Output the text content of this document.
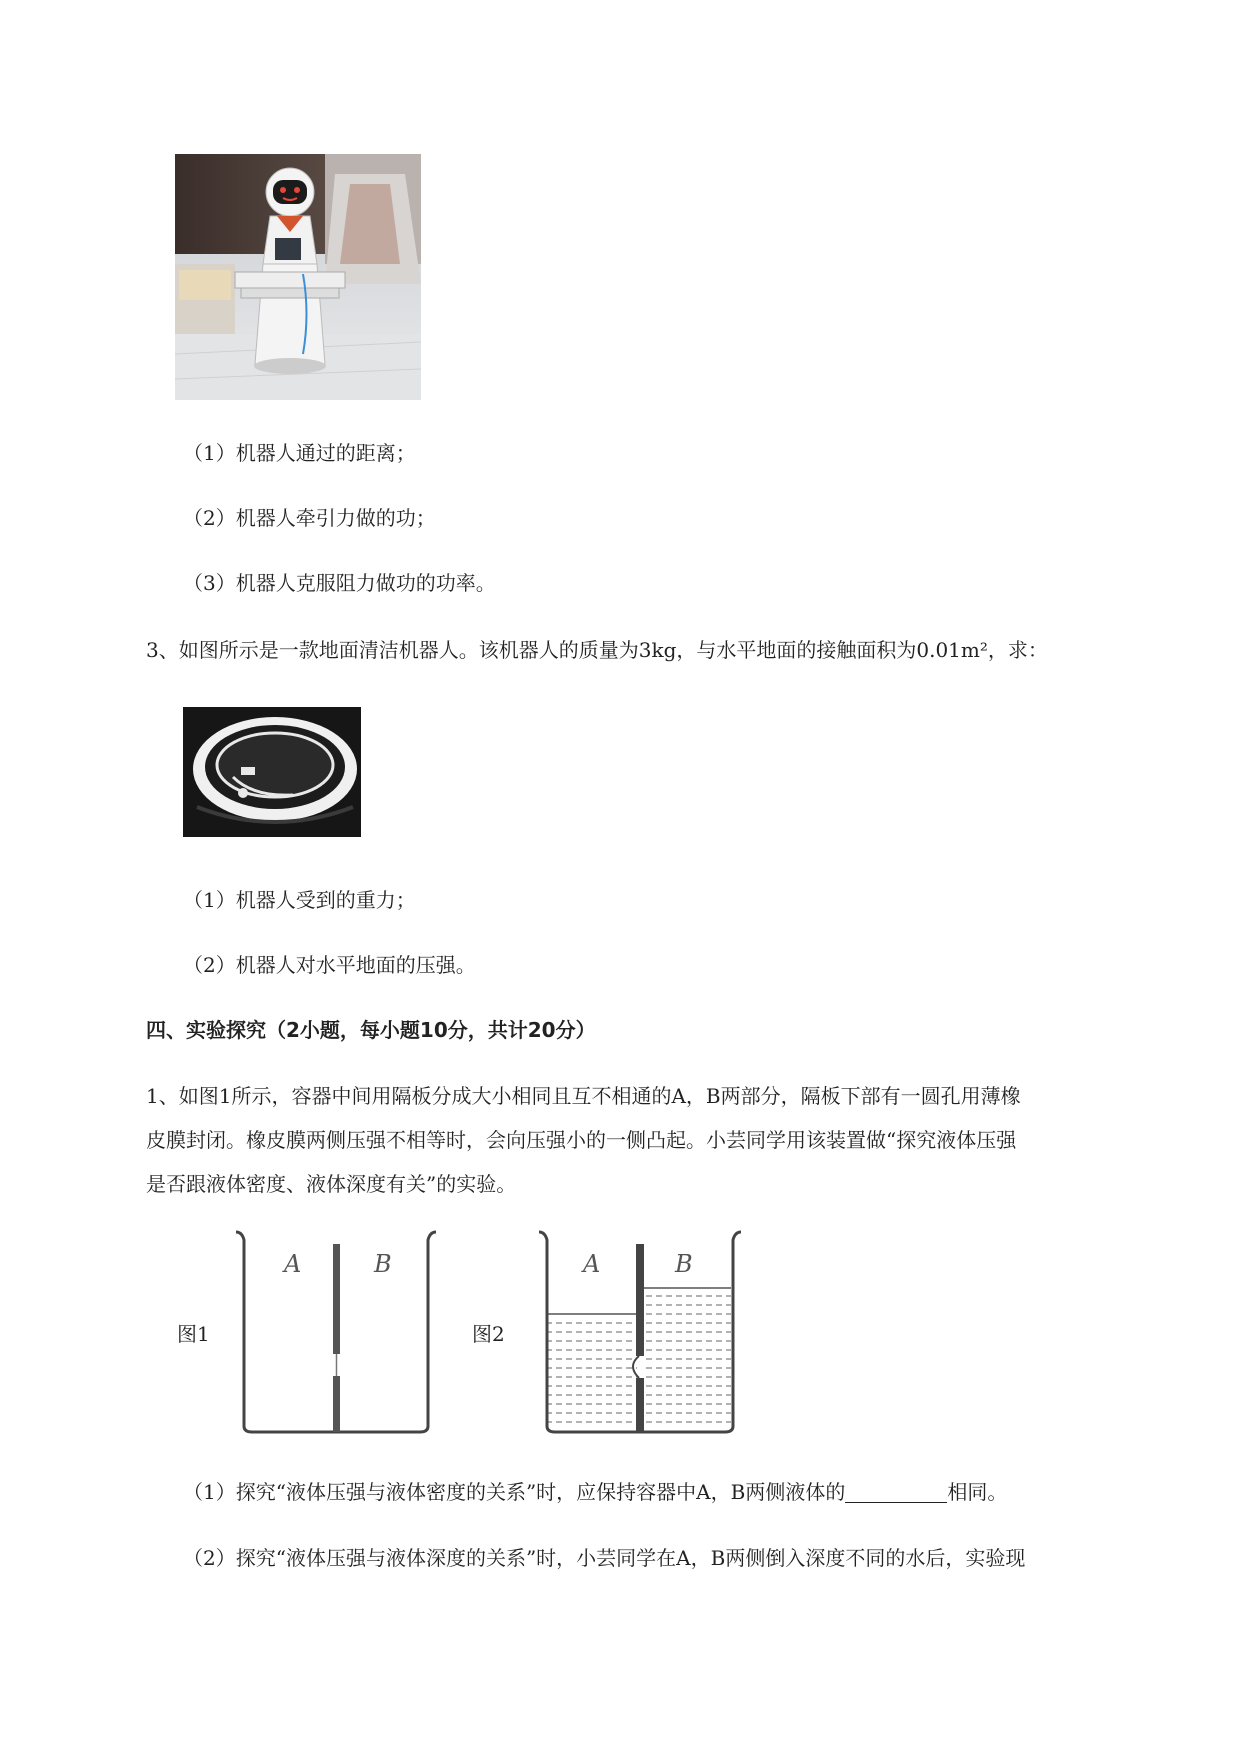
（1）机器人通过的距离；
（2）机器人牵引力做的功；
（3）机器人克服阻力做功的功率。
3、如图所示是一款地面清洁机器人。该机器人的质量为3kg，与水平地面的接触面积为0.01m²，求：
（1）机器人受到的重力；
（2）机器人对水平地面的压强。
四、实验探究（2小题，每小题10分，共计20分）
1、如图1所示，容器中间用隔板分成大小相同且互不相通的A，B两部分，隔板下部有一圆孔用薄橡
皮膜封闭。橡皮膜两侧压强不相等时，会向压强小的一侧凸起。小芸同学用该装置做“探究液体压强
是否跟液体密度、液体深度有关”的实验。
图1
A	B
图2
A	B
（1）探究“液体压强与液体密度的关系”时，应保持容器中A，B两侧液体的	相同。
（2）探究“液体压强与液体深度的关系”时，小芸同学在A，B两侧倒入深度不同的水后，实验现
